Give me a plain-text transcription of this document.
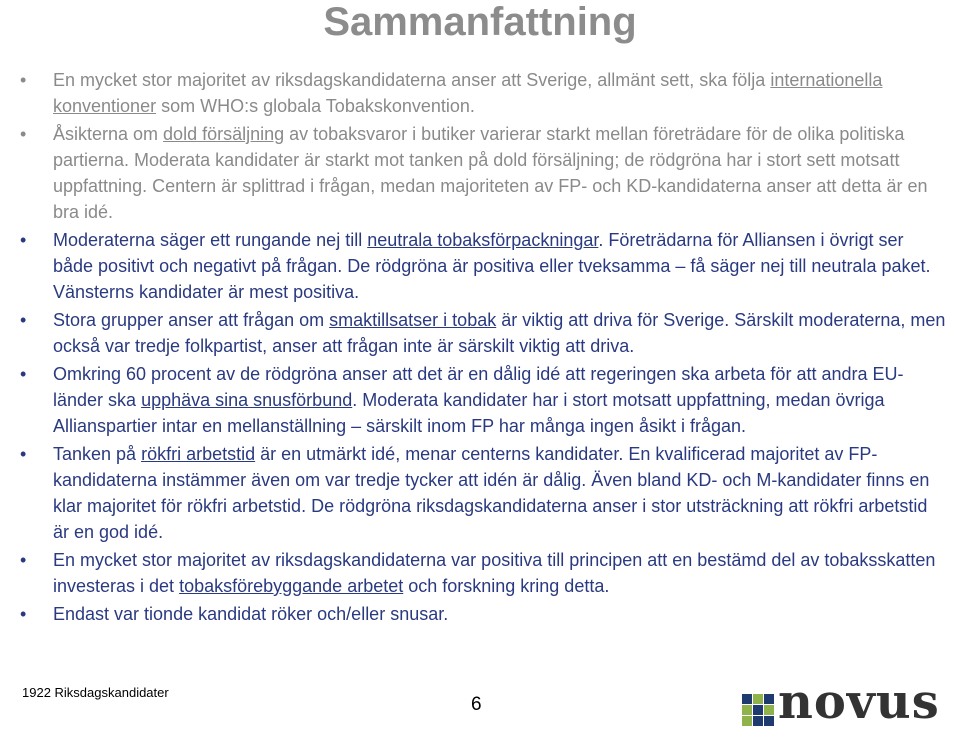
Sammanfattning
• En mycket stor majoritet av riksdagskandidaterna anser att Sverige, allmänt sett, ska följa internationella konventioner som WHO:s globala Tobakskonvention.
• Åsikterna om dold försäljning av tobaksvaror i butiker varierar starkt mellan företrädare för de olika politiska partierna. Moderata kandidater är starkt mot tanken på dold försäljning; de rödgröna har i stort sett motsatt uppfattning. Centern är splittrad i frågan, medan majoriteten av FP- och KD-kandidaterna anser att detta är en bra idé.
• Moderaterna säger ett rungande nej till neutrala tobaksförpackningar. Företrädarna för Alliansen i övrigt ser både positivt och negativt på frågan. De rödgröna är positiva eller tveksamma – få säger nej till neutrala paket. Vänsterns kandidater är mest positiva.
• Stora grupper anser att frågan om smaktillsatser i tobak är viktig att driva för Sverige. Särskilt moderaterna, men också var tredje folkpartist, anser att frågan inte är särskilt viktig att driva.
• Omkring 60 procent av de rödgröna anser att det är en dålig idé att regeringen ska arbeta för att andra EU-länder ska upphäva sina snusförbund. Moderata kandidater har i stort motsatt uppfattning, medan övriga Allianspartier intar en mellanställning – särskilt inom FP har många ingen åsikt i frågan.
• Tanken på rökfri arbetstid är en utmärkt idé, menar centerns kandidater. En kvalificerad majoritet av FP-kandidaterna instämmer även om var tredje tycker att idén är dålig. Även bland KD- och M-kandidater finns en klar majoritet för rökfri arbetstid. De rödgröna riksdagskandidaterna anser i stor utsträckning att rökfri arbetstid är en god idé.
• En mycket stor majoritet av riksdagskandidaterna var positiva till principen att en bestämd del av tobaksskatten investeras i det tobaksförebyggande arbetet och forskning kring detta.
• Endast var tionde kandidat röker och/eller snusar.
1922 Riksdagskandidater
6	novus
